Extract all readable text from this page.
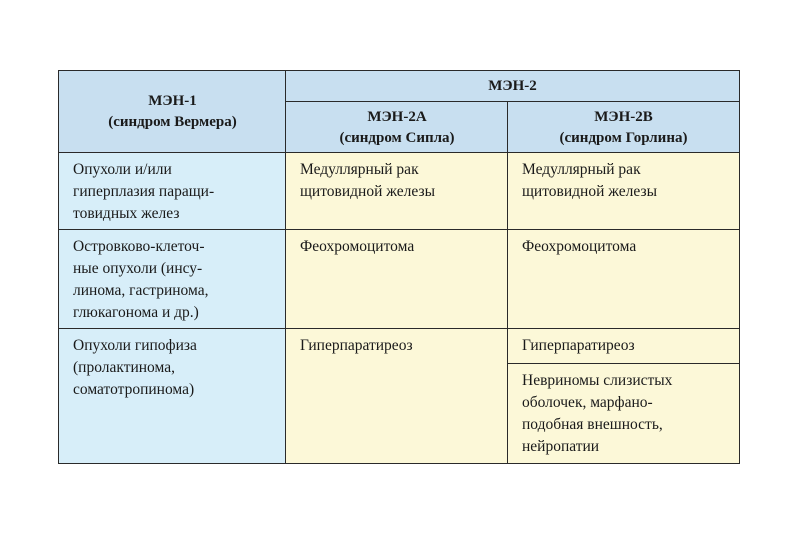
МЭН-1
(синдром Вермера)
МЭН-2
МЭН-2A
(синдром Сипла)
МЭН-2B
(синдром Горлина)
Опухоли и/или
гиперплазия паращи-
товидных желез
Медуллярный рак
щитовидной железы
Медуллярный рак
щитовидной железы
Островково-клеточ-
ные опухоли (инсу-
линома, гастринома,
глюкагонома и др.)
Феохромоцитома	Феохромоцитома
Опухоли гипофиза
(пролактинома,
соматотропинома)
Гиперпаратиреоз	Гиперпаратиреоз
Невриномы слизистых
оболочек, марфано-
подобная внешность,
нейропатии
